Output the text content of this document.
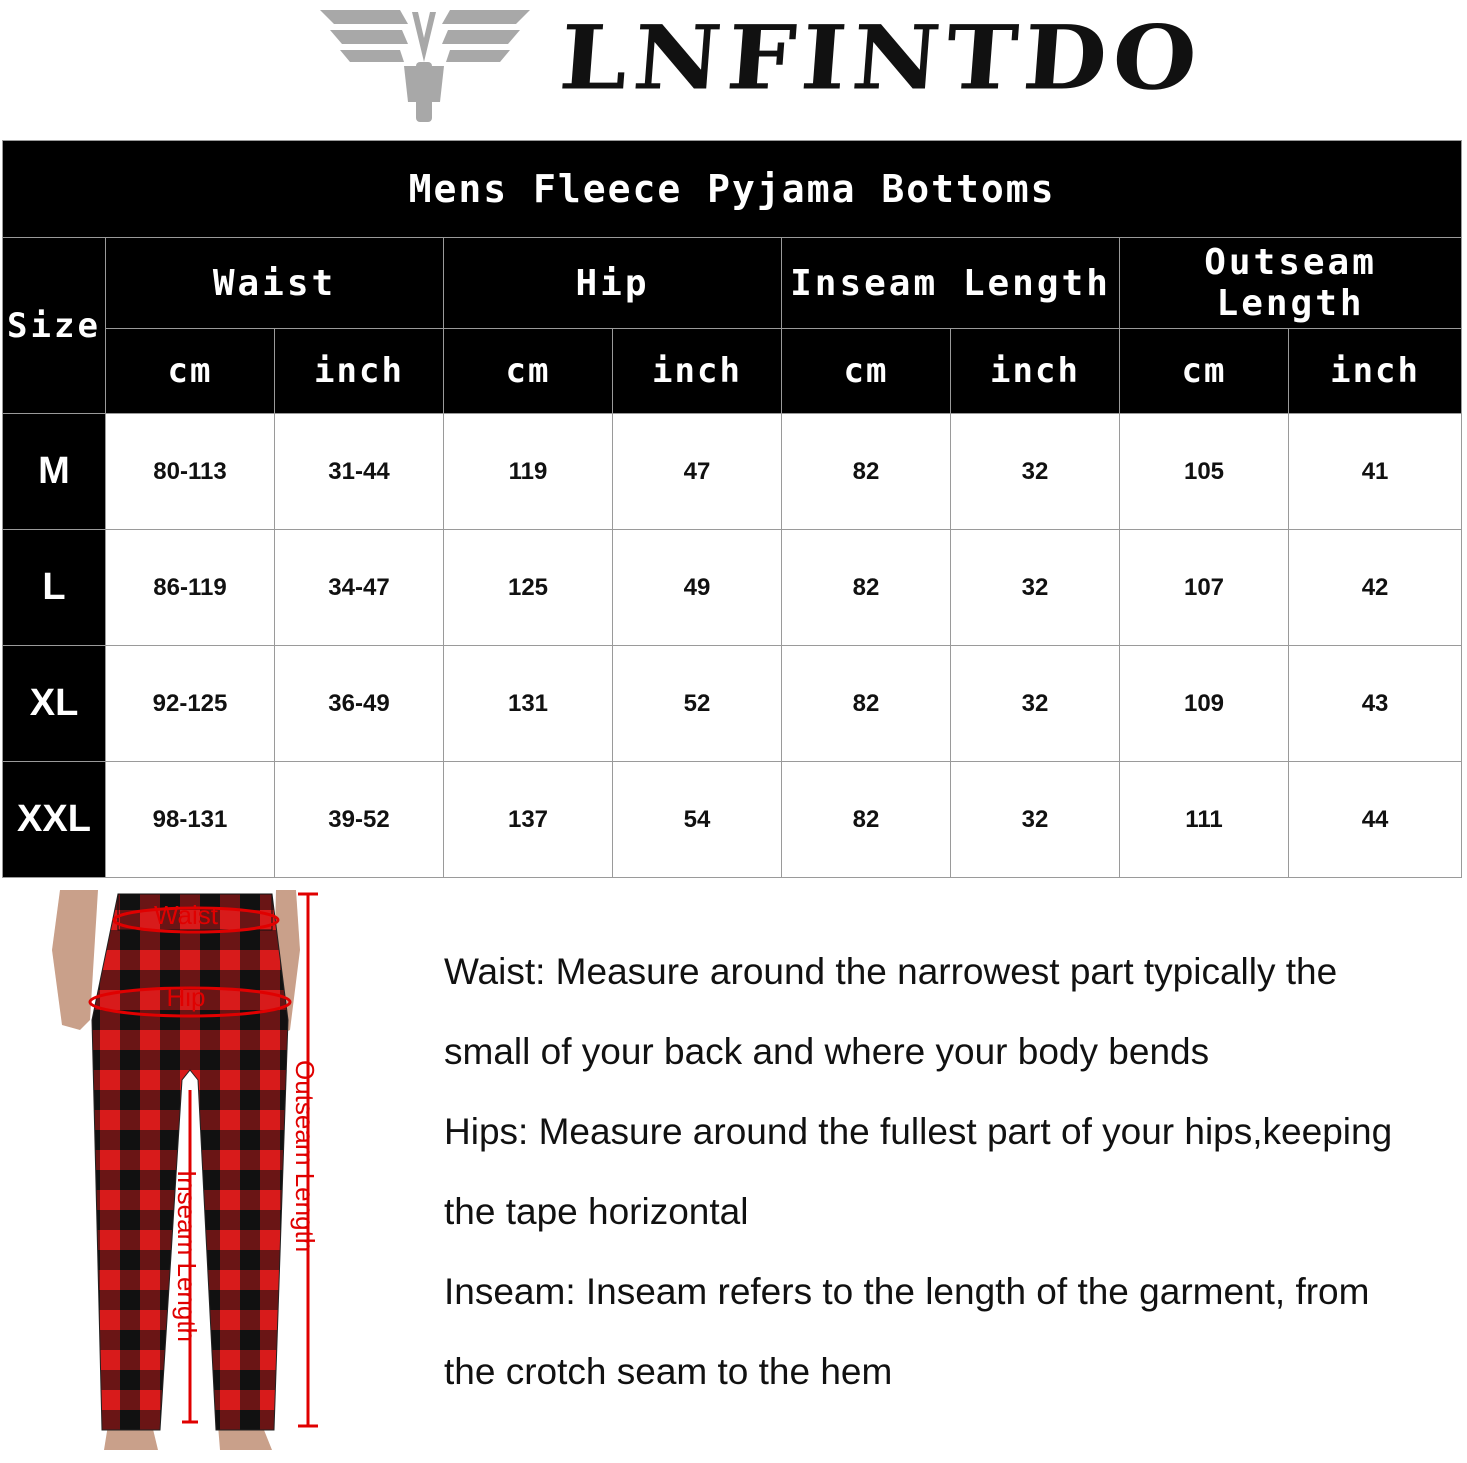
LNFINTDO
Mens Fleece Pyjama Bottoms								
Size	Waist		Hip		Inseam Length		Outseam Length	
	cm	inch	cm	inch	cm	inch	cm	inch
M	80-113	31-44	119	47	82	32	105	41
L	86-119	34-47	125	49	82	32	107	42
XL	92-125	36-49	131	52	82	32	109	43
XXL	98-131	39-52	137	54	82	32	111	44
Waist
Hip
Outseam Length
Inseam Length

Waist: Measure around the narrowest part typically the

small of your back and where your body bends

Hips: Measure around the fullest part of your hips,keeping

the tape horizontal

Inseam: Inseam refers to the length of the garment, from

the crotch seam to the hem
